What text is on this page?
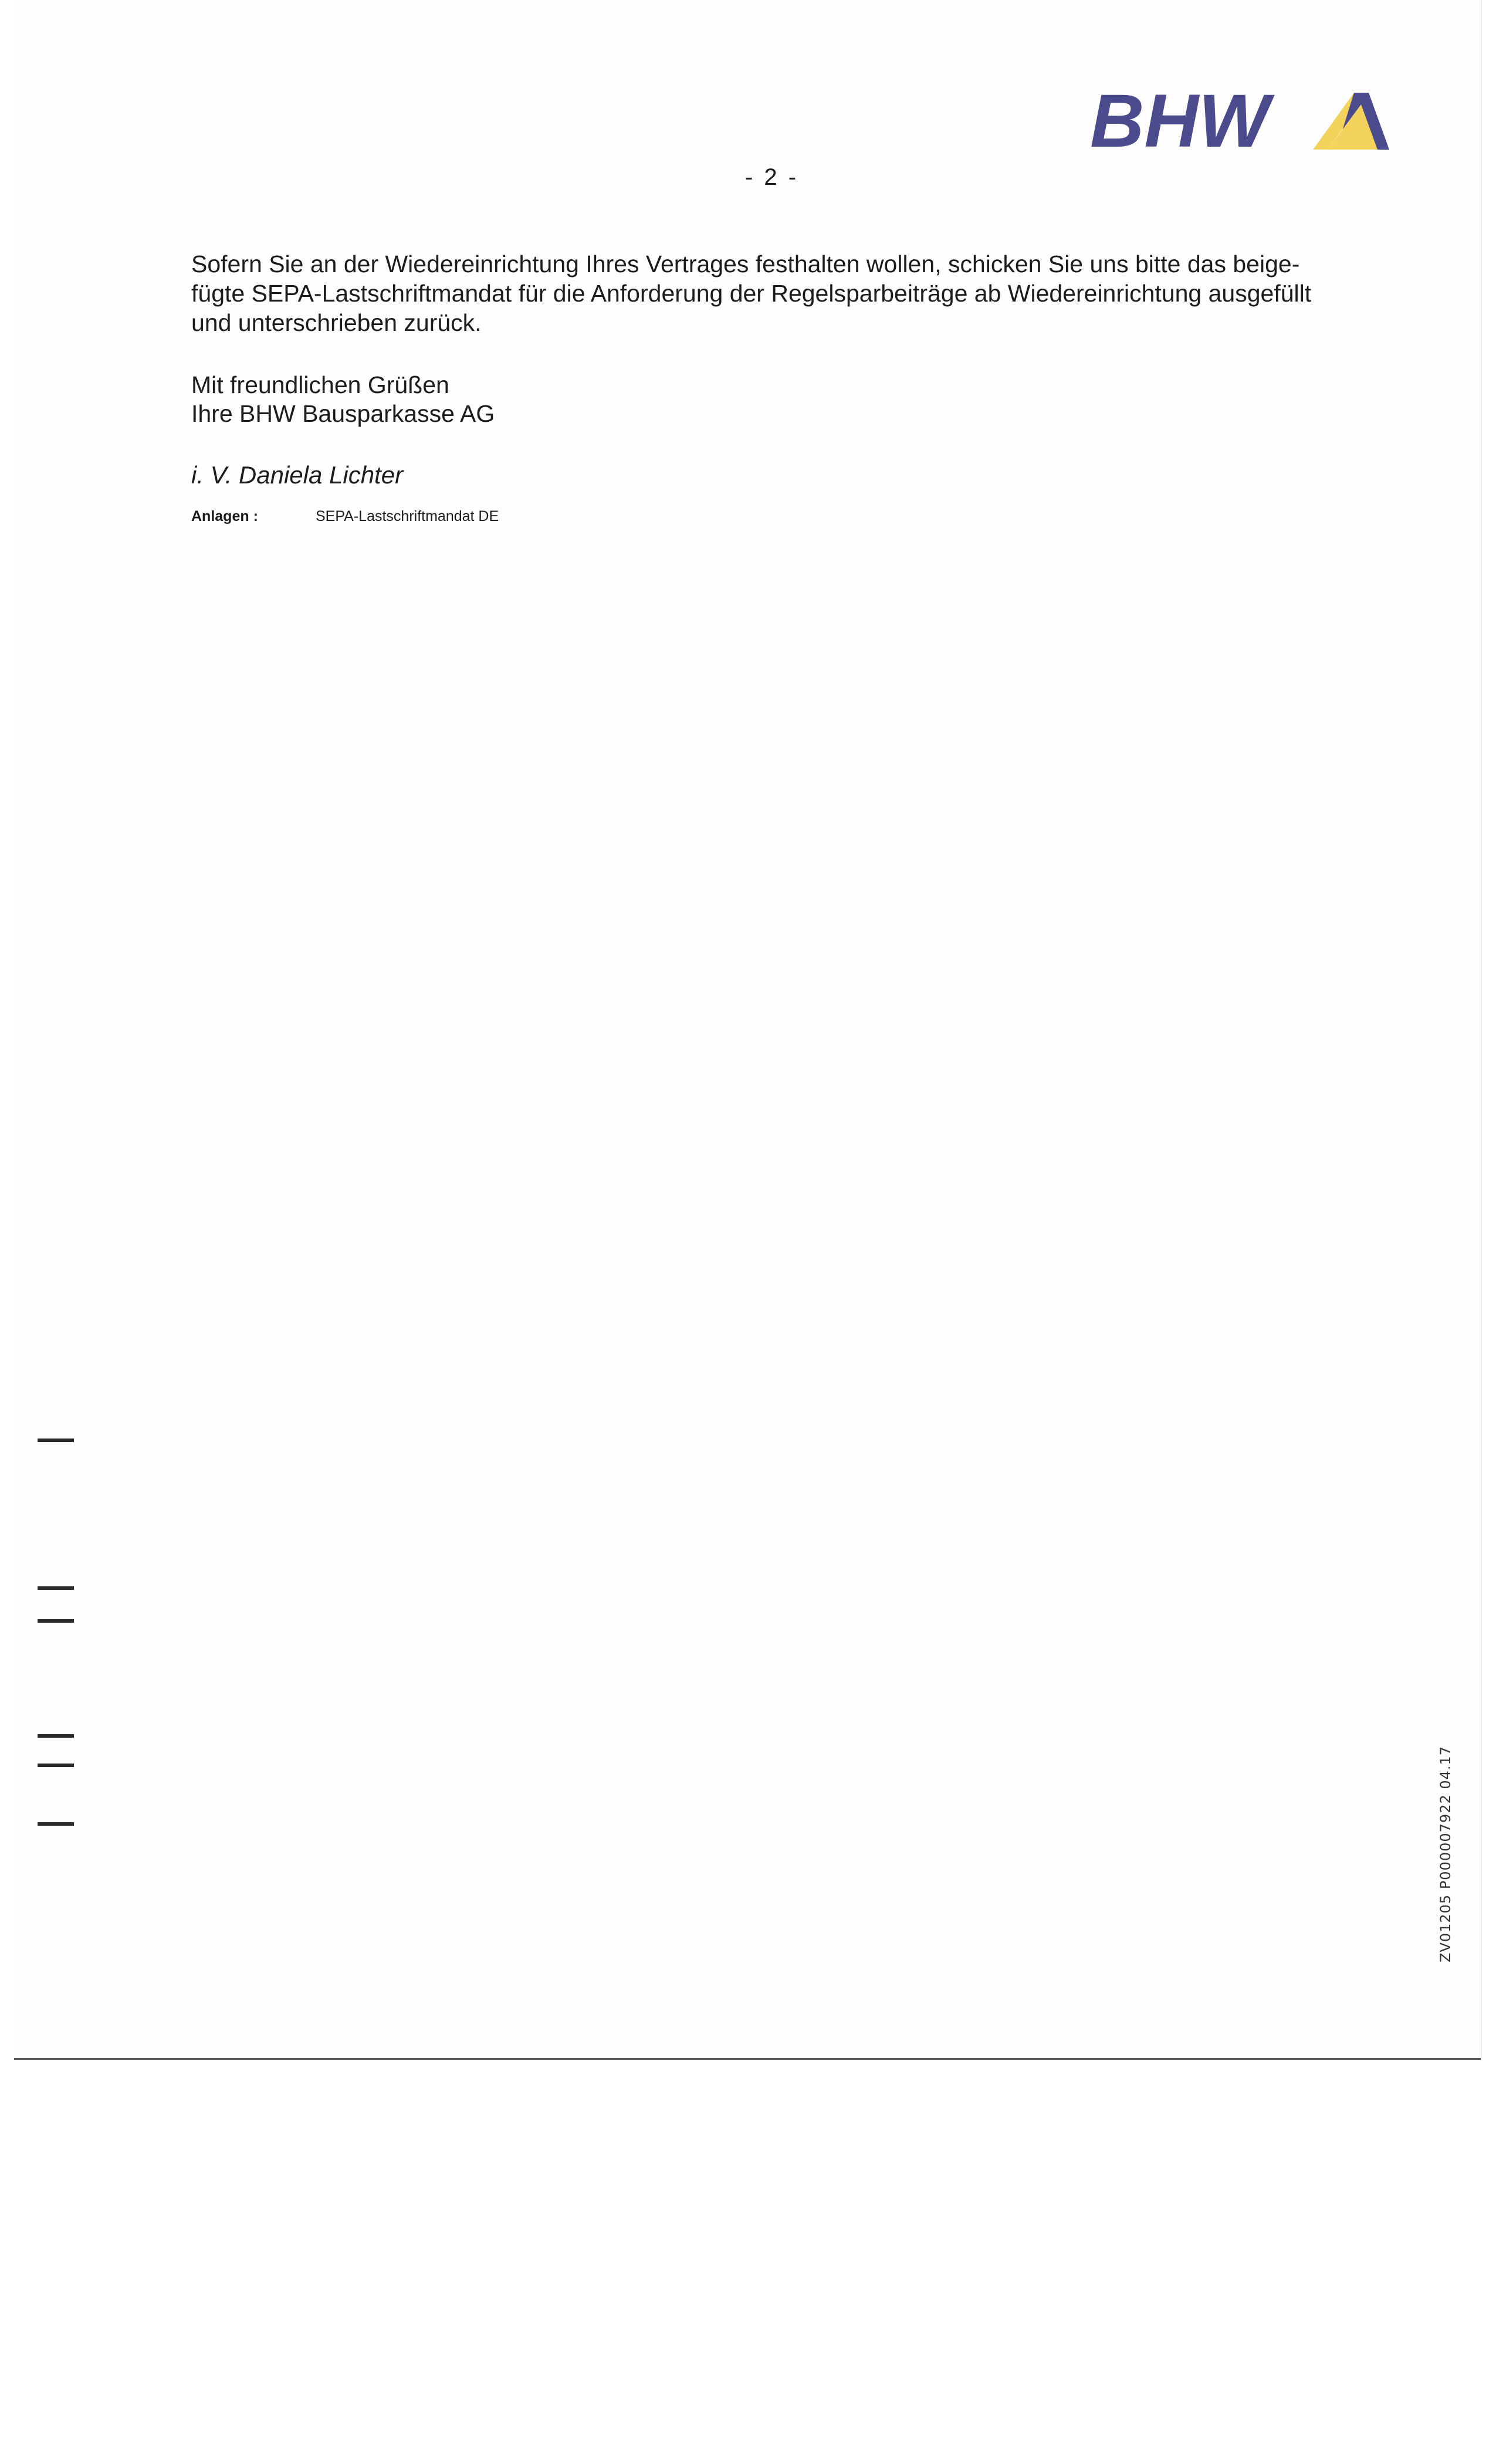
BHW
- 2 -

Sofern Sie an der Wiedereinrichtung Ihres Vertrages festhalten wollen, schicken Sie uns bitte das beige-

fügte SEPA-Lastschriftmandat für die Anforderung der Regelsparbeiträge ab Wiedereinrichtung ausgefüllt

und unterschrieben zurück.

Mit freundlichen Grüßen
Ihre BHW Bausparkasse AG
i. V. Daniela Lichter
Anlagen :	SEPA-Lastschriftmandat DE
ZV01205 P000007922 04.17
